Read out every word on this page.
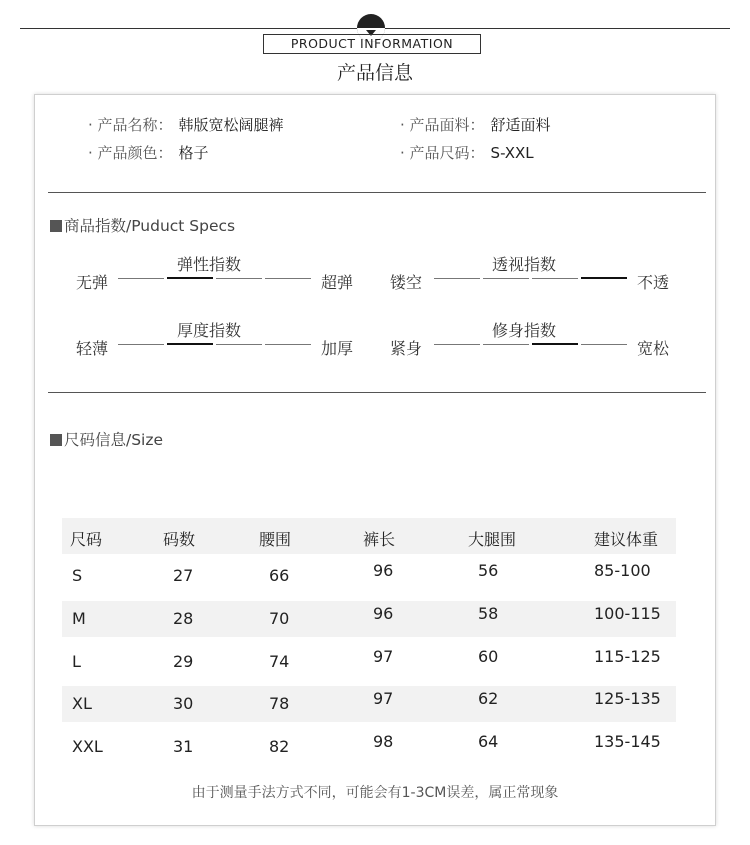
PRODUCT INFORMATION
产品信息
· 产品名称： 韩版宽松阔腿裤	· 产品面料： 舒适面料
· 产品颜色： 格子	· 产品尺码： S-XXL
商品指数/Puduct Specs
弹性指数
无弹	超弹
透视指数
镂空	不透
厚度指数
轻薄	加厚
修身指数
紧身	宽松
尺码信息/Size
尺码	码数	腰围	裤长	大腿围	建议体重
S	27	66	96	56	85-100
M	28	70	96	58	100-115
L	29	74	97	60	115-125
XL	30	78	97	62	125-135
XXL	31	82	98	64	135-145
由于测量手法方式不同，可能会有1-3CM误差，属正常现象
